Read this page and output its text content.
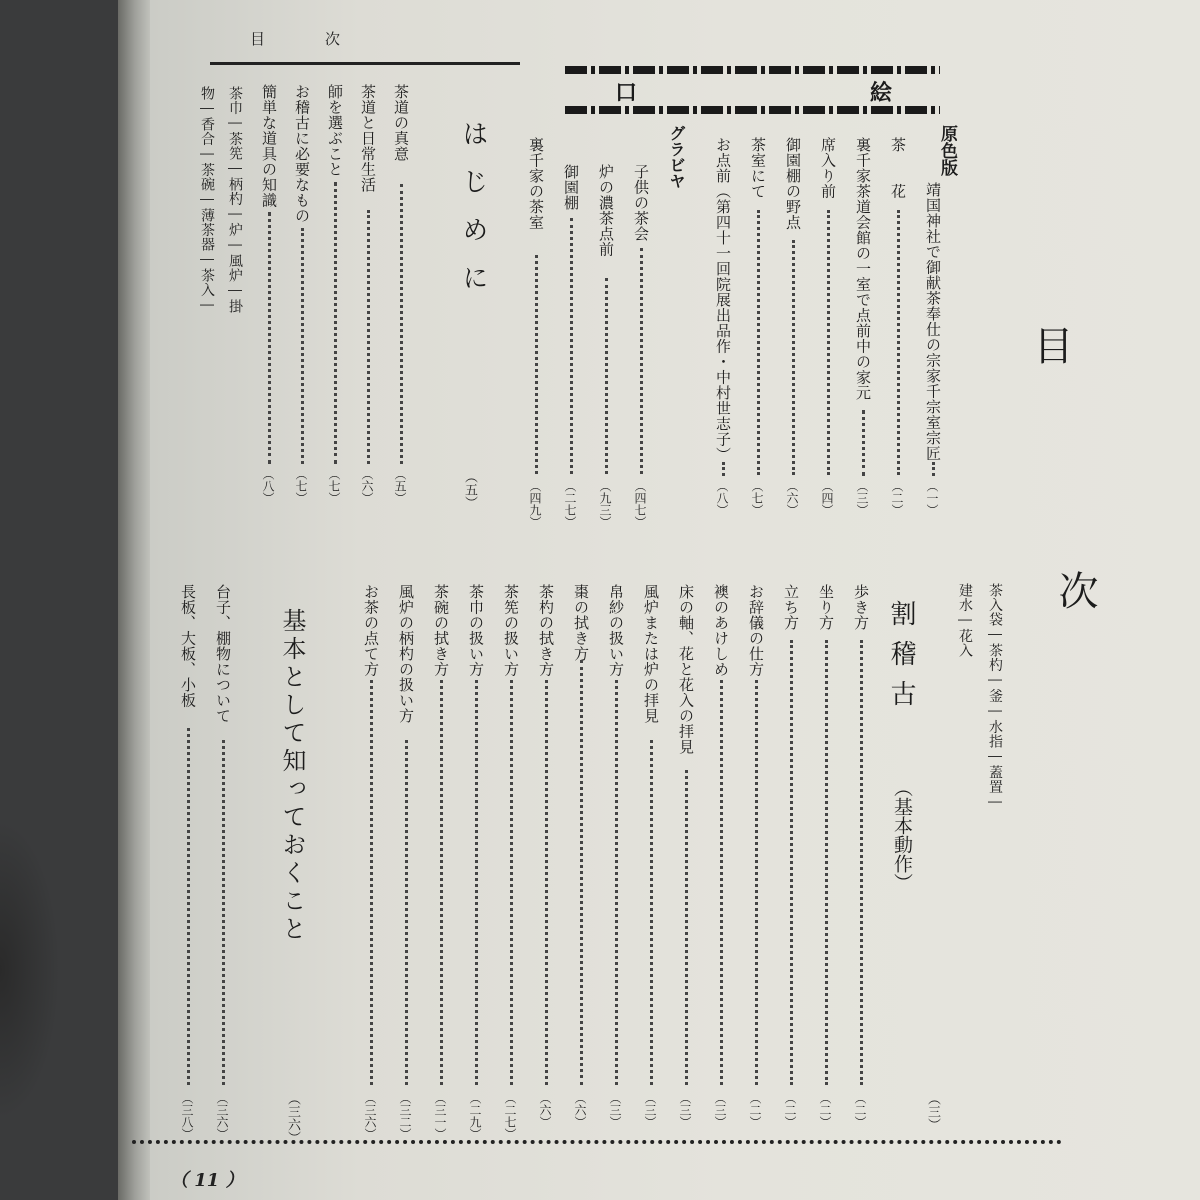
目	次
目
次
口	絵
原色版
靖国神社で御献茶奉仕の宗家千宗室宗匠
（一）
茶　　花
（二）
裏千家茶道会館の一室で点前中の家元
（三）
席入り前
（四）
御園棚の野点
（六）
茶室にて
（七）
お点前（第四十一回院展出品作・中村世志子）
（八）
グラビヤ
子供の茶会
（四七）
炉の濃茶点前
（九三）
御園棚
（二七）
裏千家の茶室
（四九）
はじめに
（五）
茶道の真意
（五）
茶道と日常生活
（六）
師を選ぶこと
（七）
お稽古に必要なもの
（七）
簡単な道具の知識
（八）
茶巾―茶筅―柄杓―炉―風炉―掛
物―香合―茶碗―薄茶器―茶入―
茶入袋―茶杓―釜―水指―蓋置―
建水―花入
割稽古
（基本動作）
（三）
歩き方
（二）
坐り方
（二）
立ち方
（二）
お辞儀の仕方
（二）
襖のあけしめ
（三）
床の軸、花と花入の拝見
（三）
風炉または炉の拝見
（三）
帛紗の扱い方
（三）
棗の拭き方
（六）
茶杓の拭き方
（六）
茶筅の扱い方
（二七）
茶巾の扱い方
（二九）
茶碗の拭き方
（三一）
風炉の柄杓の扱い方
（三二）
お茶の点て方
（三六）
基本として知っておくこと
（三六）
台子、棚物について
（三六）
長板、大板、小板
（三八）
（ 11 ）
